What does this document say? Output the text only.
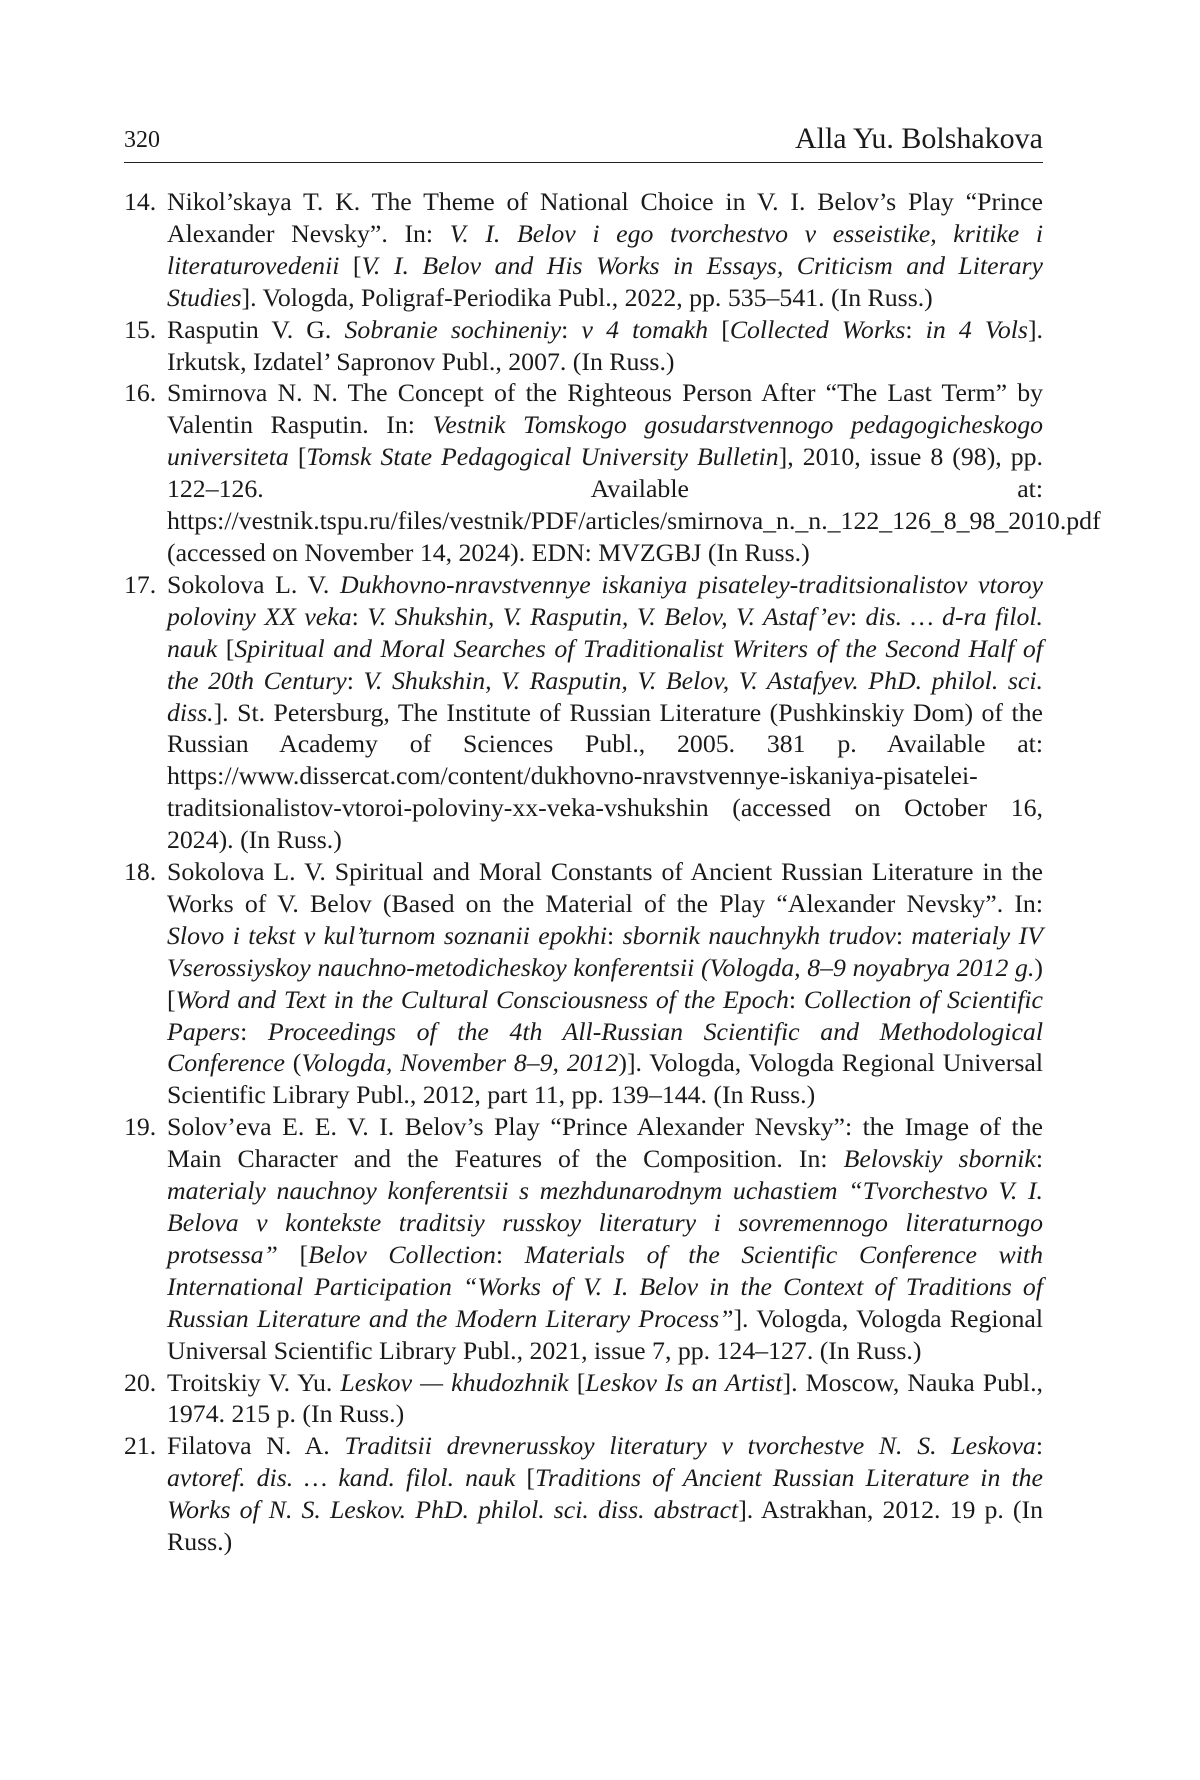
320	Alla Yu. Bolshakova
14. Nikol’skaya T. K. The Theme of National Choice in V. I. Belov’s Play “Prince Alexander Nevsky”. In: V. I. Belov i ego tvorchestvo v esseistike, kritike i literaturovedenii [V. I. Belov and His Works in Essays, Criticism and Literary Studies]. Vologda, Poligraf-Periodika Publ., 2022, pp. 535–541. (In Russ.)
15. Rasputin V. G. Sobranie sochineniy: v 4 tomakh [Collected Works: in 4 Vols]. Irkutsk, Izdatel’ Sapronov Publ., 2007. (In Russ.)
16. Smirnova N. N. The Concept of the Righteous Person After “The Last Term” by Valentin Rasputin. In: Vestnik Tomskogo gosudarstvennogo pedagogicheskogo universiteta [Tomsk State Pedagogical University Bulletin], 2010, issue 8 (98), pp. 122–126. Available at: https://vestnik.tspu.ru/files/vestnik/PDF/articles/smirnova_n._n._122_126_8_98_2010.pdf (accessed on November 14, 2024). EDN: MVZGBJ (In Russ.)
17. Sokolova L. V. Dukhovno-nravstvennye iskaniya pisateley-traditsionalistov vtoroy poloviny XX veka: V. Shukshin, V. Rasputin, V. Belov, V. Astaf’ev: dis. … d-ra filol. nauk [Spiritual and Moral Searches of Traditionalist Writers of the Second Half of the 20th Century: V. Shukshin, V. Rasputin, V. Belov, V. Astafyev. PhD. philol. sci. diss.]. St. Petersburg, The Institute of Russian Literature (Pushkinskiy Dom) of the Russian Academy of Sciences Publ., 2005. 381 p. Available at: https://www.dissercat.com/content/dukhovno-nravstvennye-iskaniya-pisatelei-traditsionalistov-vtoroi-poloviny-xx-veka-vshukshin (accessed on October 16, 2024). (In Russ.)
18. Sokolova L. V. Spiritual and Moral Constants of Ancient Russian Literature in the Works of V. Belov (Based on the Material of the Play “Alexander Nevsky”. In: Slovo i tekst v kul’turnom soznanii epokhi: sbornik nauchnykh trudov: materialy IV Vserossiyskoy nauchno-metodicheskoy konferentsii (Vologda, 8–9 noyabrya 2012 g.) [Word and Text in the Cultural Consciousness of the Epoch: Collection of Scientific Papers: Proceedings of the 4th All-Russian Scientific and Methodological Conference (Vologda, November 8–9, 2012)]. Vologda, Vologda Regional Universal Scientific Library Publ., 2012, part 11, pp. 139–144. (In Russ.)
19. Solov’eva E. E. V. I. Belov’s Play “Prince Alexander Nevsky”: the Image of the Main Character and the Features of the Composition. In: Belovskiy sbornik: materialy nauchnoy konferentsii s mezhdunarodnym uchastiem “Tvorchestvo V. I. Belova v kontekste traditsiy russkoy literatury i sovremennogo literaturnogo protsessa” [Belov Collection: Materials of the Scientific Conference with International Participation “Works of V. I. Belov in the Context of Traditions of Russian Literature and the Modern Literary Process”]. Vologda, Vologda Regional Universal Scientific Library Publ., 2021, issue 7, pp. 124–127. (In Russ.)
20. Troitskiy V. Yu. Leskov — khudozhnik [Leskov Is an Artist]. Moscow, Nauka Publ., 1974. 215 p. (In Russ.)
21. Filatova N. A. Traditsii drevnerusskoy literatury v tvorchestve N. S. Leskova: avtoref. dis. … kand. filol. nauk [Traditions of Ancient Russian Literature in the Works of N. S. Leskov. PhD. philol. sci. diss. abstract]. Astrakhan, 2012. 19 p. (In Russ.)
